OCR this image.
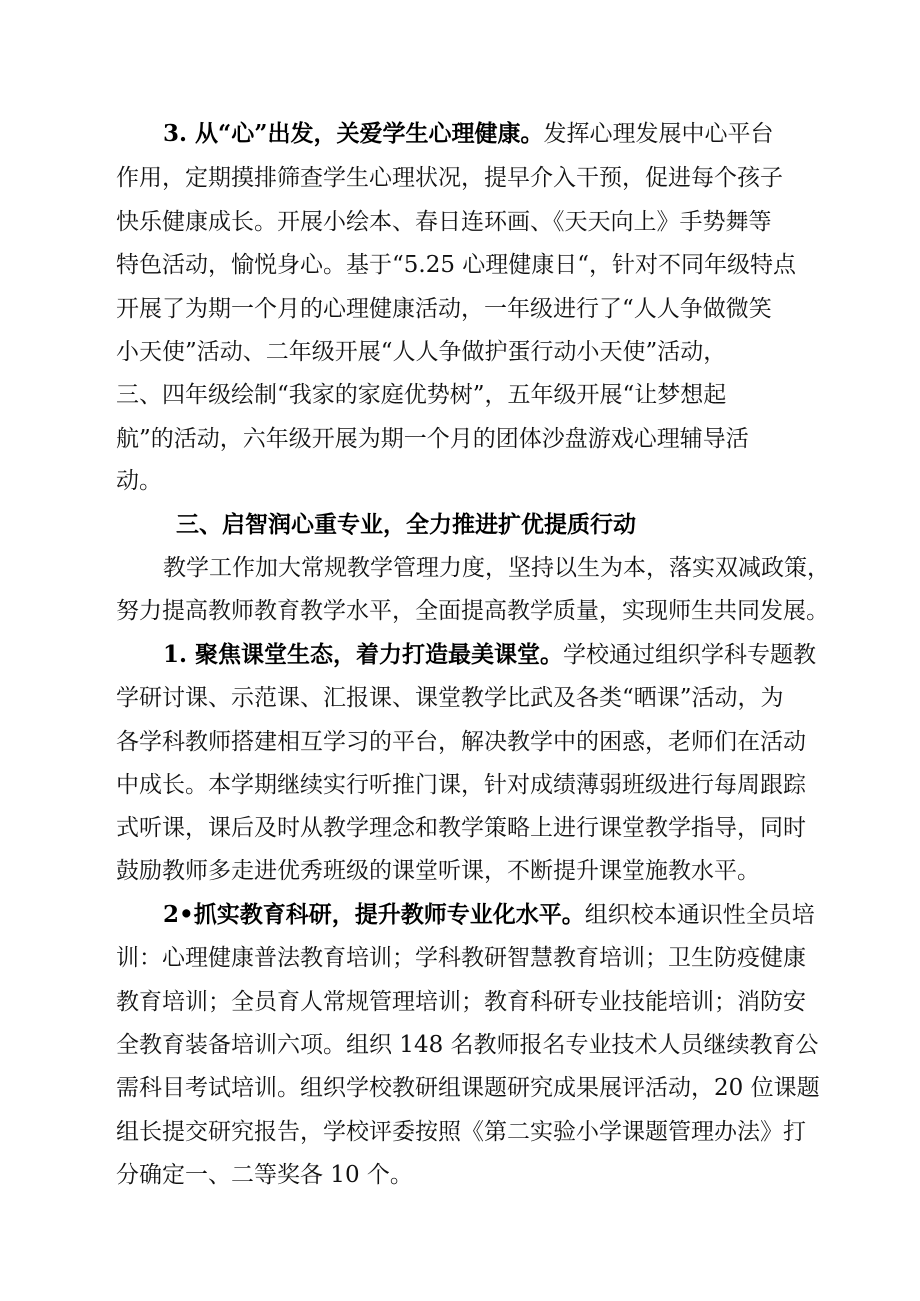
3. 从“心”出发，关爱学生心理健康。发挥心理发展中心平台
作用，定期摸排筛查学生心理状况，提早介入干预，促进每个孩子
快乐健康成长。开展小绘本、春日连环画、《天天向上》手势舞等
特色活动，愉悦身心。基于“5.25 心理健康日“，针对不同年级特点
开展了为期一个月的心理健康活动，一年级进行了“人人争做微笑
小天使”活动、二年级开展“人人争做护蛋行动小天使”活动，
三、四年级绘制“我家的家庭优势树”，五年级开展“让梦想起
航”的活动，六年级开展为期一个月的团体沙盘游戏心理辅导活
动。
三、启智润心重专业，全力推进扩优提质行动
教学工作加大常规教学管理力度，坚持以生为本，落实双减政策，
努力提高教师教育教学水平，全面提高教学质量，实现师生共同发展。
1. 聚焦课堂生态，着力打造最美课堂。学校通过组织学科专题教
学研讨课、示范课、汇报课、课堂教学比武及各类“晒课”活动，为
各学科教师搭建相互学习的平台，解决教学中的困惑，老师们在活动
中成长。本学期继续实行听推门课，针对成绩薄弱班级进行每周跟踪
式听课，课后及时从教学理念和教学策略上进行课堂教学指导，同时
鼓励教师多走进优秀班级的课堂听课，不断提升课堂施教水平。
2•抓实教育科研，提升教师专业化水平。组织校本通识性全员培
训：心理健康普法教育培训；学科教研智慧教育培训；卫生防疫健康
教育培训；全员育人常规管理培训；教育科研专业技能培训；消防安
全教育装备培训六项。组织 148 名教师报名专业技术人员继续教育公
需科目考试培训。组织学校教研组课题研究成果展评活动，20 位课题
组长提交研究报告，学校评委按照《第二实验小学课题管理办法》打
分确定一、二等奖各 10 个。
